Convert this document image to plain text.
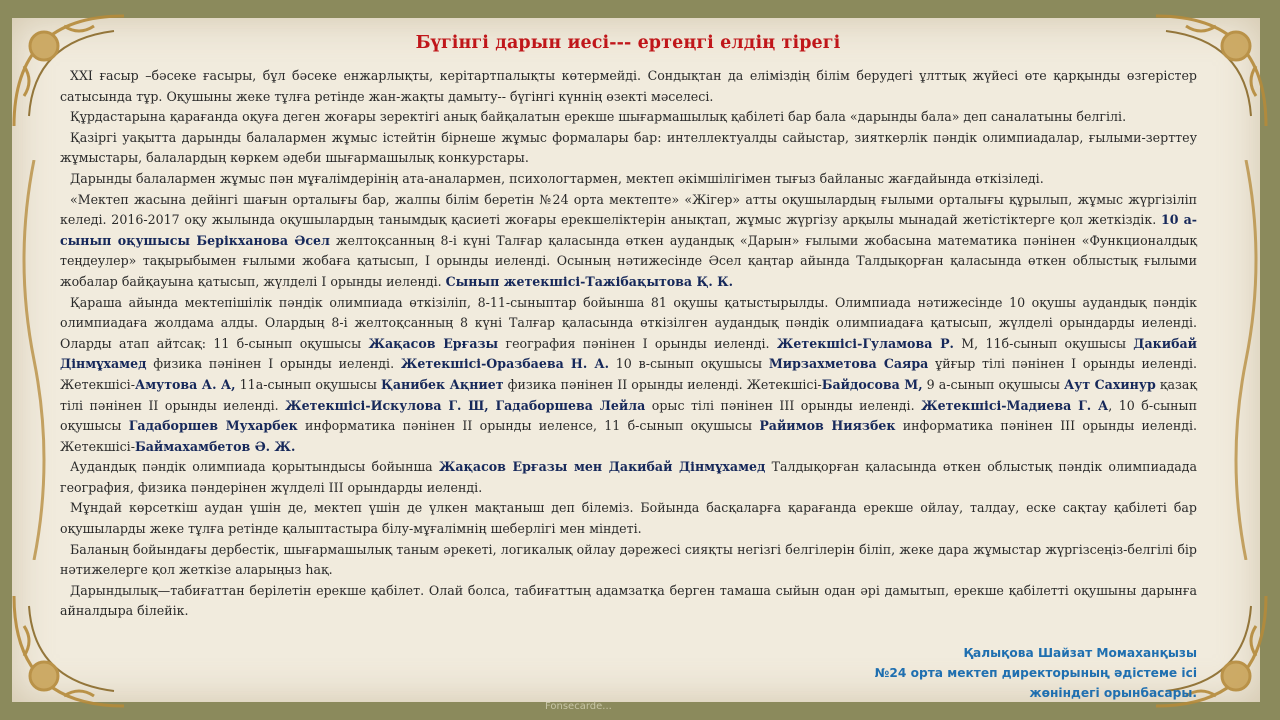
Бүгінгі дарын иесі--- ертеңгі елдің тірегі

XXI ғасыр –бәсеке ғасыры, бұл бәсеке енжарлықты, керітартпалықты көтермейді. Сондықтан да еліміздің білім берудегі ұлттық жүйесі өте қарқынды өзгерістер сатысында тұр. Оқушыны жеке тұлға ретінде жан-жақты дамыту-- бүгінгі күннің өзекті мәселесі.

Құрдастарына қарағанда оқуға деген жоғары зеректігі анық байқалатын ерекше шығармашылық қабілеті бар бала «дарынды бала» деп саналатыны белгілі.

Қазіргі уақытта дарынды балалармен жұмыс істейтін бірнеше жұмыс формалары бар: интеллектуалды сайыстар, зияткерлік пәндік олимпиадалар, ғылыми-зерттеу жұмыстары, балалардың көркем әдеби шығармашылық конкурстары.

Дарынды балалармен жұмыс пән мұғалімдерінің ата-аналармен, психологтармен, мектеп әкімшілігімен тығыз байланыс жағдайында өткізіледі.

«Мектеп жасына дейінгі шағын орталығы бар, жалпы білім беретін №24 орта мектепте» «Жігер» атты оқушылардың ғылыми орталығы құрылып, жұмыс жүргізіліп келеді. 2016-2017 оқу жылында оқушылардың танымдық қасиеті жоғары ерекшеліктерін анықтап, жұмыс жүргізу арқылы мынадай жетістіктерге қол жеткіздік. 10 а-сынып оқушысы Берікханова Әсел желтоқсанның 8-і күні Талғар қаласында өткен аудандық «Дарын» ғылыми жобасына математика пәнінен «Функционалдық теңдеулер» тақырыбымен ғылыми жобаға қатысып, I орынды иеленді. Осының нәтижесінде Әсел қаңтар айында Талдықорған қаласында өткен облыстық ғылыми жобалар байқауына қатысып, жүлделі I орынды иеленді. Сынып жетекшісі-Тажібақытова Қ. К.

Қараша айында мектепішілік пәндік олимпиада өткізіліп, 8-11-сыныптар бойынша 81 оқушы қатыстырылды. Олимпиада нәтижесінде 10 оқушы аудандық пәндік олимпиадаға жолдама алды. Олардың 8-і желтоқсанның 8 күні Талғар қаласында өткізілген аудандық пәндік олимпиадаға қатысып, жүлделі орындарды иеленді. Оларды атап айтсақ: 11 б-сынып оқушысы Жақасов Ерғазы география пәнінен I орынды иеленді. Жетекшісі-Гуламова Р. М, 11б-сынып оқушысы Дакибай Дінмұхамед физика пәнінен I орынды иеленді. Жетекшісі-Оразбаева Н. А. 10 в-сынып оқушысы Мирзахметова Саяра ұйғыр тілі пәнінен I орынды иеленді. Жетекшісі-Амутова А. А, 11а-сынып оқушысы Қанибек Ақниет физика пәнінен II орынды иеленді. Жетекшісі-Байдосова М, 9 а-сынып оқушысы Аут Сахинур қазақ тілі пәнінен II орынды иеленді. Жетекшісі-Искулова Г. Ш, Гадаборшева Лейла орыс тілі пәнінен III орынды иеленді. Жетекшісі-Мадиева Г. А, 10 б-сынып оқушысы Гадаборшев Мухарбек информатика пәнінен II орынды иеленсе, 11 б-сынып оқушысы Райимов Ниязбек информатика пәнінен III орынды иеленді. Жетекшісі-Баймахамбетов Ә. Ж.

Аудандық пәндік олимпиада қорытындысы бойынша Жақасов Ерғазы мен Дакибай Дінмұхамед Талдықорған қаласында өткен облыстық пәндік олимпиадада география, физика пәндерінен жүлделі III орындарды иеленді.

Мұндай көрсеткіш аудан үшін де, мектеп үшін де үлкен мақтаныш деп білеміз. Бойында басқаларға қарағанда ерекше ойлау, талдау, еске сақтау қабілеті бар оқушыларды жеке тұлға ретінде қалыптастыра білу-мұғалімнің шеберлігі мен міндеті.

Баланың бойындағы дербестік, шығармашылық таным әрекеті, логикалық ойлау дәрежесі сияқты негізгі белгілерін біліп, жеке дара жұмыстар жүргізсеңіз-белгілі бір нәтижелерге қол жеткізе аларыңыз һақ.

Дарындылық—табиғаттан берілетін ерекше қабілет. Олай болса, табиғаттың адамзатқа берген тамаша сыйын одан әрі дамытып, ерекше қабілетті оқушыны дарынға айналдыра білейік.

Қалықова Шайзат Момаханқызы
№24 орта мектеп директорының әдістеме ісі
жөніндегі орынбасары.
Fonsecarde...
